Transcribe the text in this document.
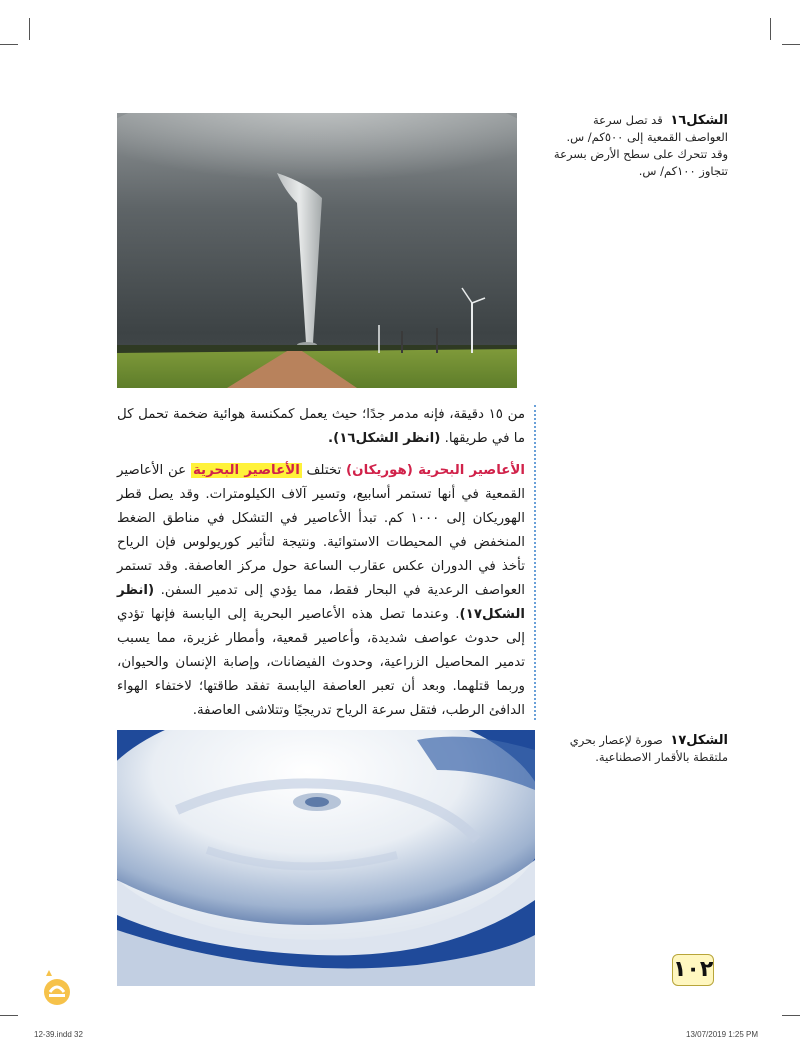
الشكل١٦ قد تصل سرعة العواصف القمعية إلى ٥٠٠كم/ س. وقد تتحرك على سطح الأرض بسرعة تتجاوز ١٠٠كم/ س.

من ١٥ دقيقة، فإنه مدمر جدًا؛ حيث يعمل كمكنسة هوائية ضخمة تحمل كل ما في طريقها. (انظر الشكل١٦).

الأعاصير البحرية (هوريكان) تختلف الأعاصير البحرية عن الأعاصير القمعية في أنها تستمر أسابيع، وتسير آلاف الكيلومترات. وقد يصل قطر الهوريكان إلى ١٠٠٠ كم. تبدأ الأعاصير في التشكل في مناطق الضغط المنخفض في المحيطات الاستوائية. ونتيجة لتأثير كوريولوس فإن الرياح تأخذ في الدوران عكس عقارب الساعة حول مركز العاصفة. وقد تستمر العواصف الرعدية في البحار فقط، مما يؤدي إلى تدمير السفن. (انظر الشكل١٧). وعندما تصل هذه الأعاصير البحرية إلى اليابسة فإنها تؤدي إلى حدوث عواصف شديدة، وأعاصير قمعية، وأمطار غزيرة، مما يسبب تدمير المحاصيل الزراعية، وحدوث الفيضانات، وإصابة الإنسان والحيوان، وربما قتلهما. وبعد أن تعبر العاصفة اليابسة تفقد طاقتها؛ لاختفاء الهواء الدافئ الرطب، فتقل سرعة الرياح تدريجيًا وتتلاشى العاصفة.

الشكل١٧ صورة لإعصار بحري ملتقطة بالأقمار الاصطناعية.
١٠٢
12-39.indd 32	13/07/2019 1:25 PM
